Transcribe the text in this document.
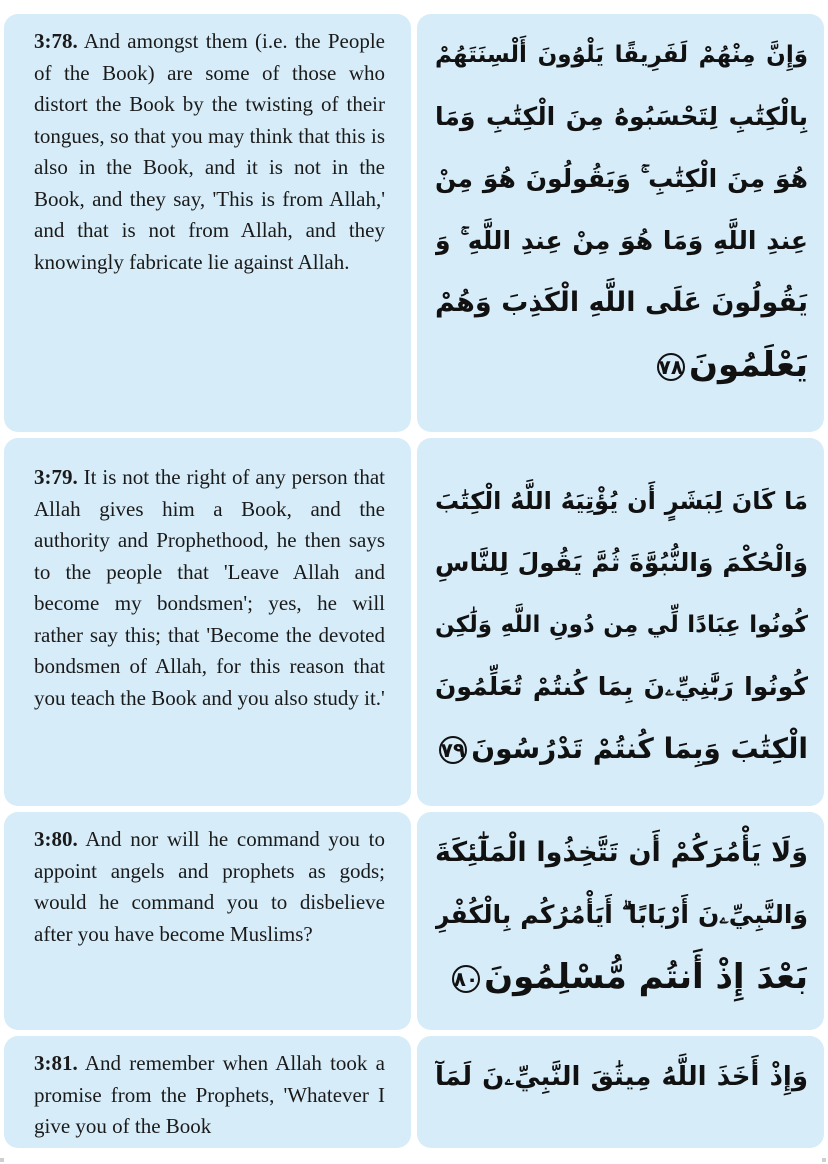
3:78. And amongst them (i.e. the People of the Book) are some of those who distort the Book by the twisting of their tongues, so that you may think that this is also in the Book, and it is not in the Book, and they say, 'This is from Allah,' and that is not from Allah, and they knowingly fabricate lie against Allah.

وَإِنَّ مِنْهُمْ لَفَرِيقًا يَلْوُونَ أَلْسِنَتَهُمْ
بِالْكِتَٰبِ لِتَحْسَبُوهُ مِنَ الْكِتَٰبِ وَمَا
هُوَ مِنَ الْكِتَٰبِ ۚ وَيَقُولُونَ هُوَ مِنْ
عِندِ اللَّهِ وَمَا هُوَ مِنْ عِندِ اللَّهِ ۚ وَ
يَقُولُونَ عَلَى اللَّهِ الْكَذِبَ وَهُمْ
يَعْلَمُونَ٧٨

3:79. It is not the right of any person that Allah gives him a Book, and the authority and Prophethood, he then says to the people that 'Leave Allah and become my bondsmen'; yes, he will rather say this; that 'Become the devoted bondsmen of Allah, for this reason that you teach the Book and you also study it.'

مَا كَانَ لِبَشَرٍ أَن يُؤْتِيَهُ اللَّهُ الْكِتَٰبَ
وَالْحُكْمَ وَالنُّبُوَّةَ ثُمَّ يَقُولَ لِلنَّاسِ
كُونُوا عِبَادًا لِّي مِن دُونِ اللَّهِ وَلَٰكِن
كُونُوا رَبَّٰنِيِّۦنَ بِمَا كُنتُمْ تُعَلِّمُونَ
الْكِتَٰبَ وَبِمَا كُنتُمْ تَدْرُسُونَ٧٩

3:80. And nor will he command you to appoint angels and prophets as gods; would he command you to disbelieve after you have become Muslims?

وَلَا يَأْمُرَكُمْ أَن تَتَّخِذُوا الْمَلَٰٓئِكَةَ
وَالنَّبِيِّۦنَ أَرْبَابًا ۗ أَيَأْمُرُكُم بِالْكُفْرِ
بَعْدَ إِذْ أَنتُم مُّسْلِمُونَ٨٠

3:81. And remember when Allah took a promise from the Prophets, 'Whatever I give you of the Book

وَإِذْ أَخَذَ اللَّهُ مِيثَٰقَ النَّبِيِّۦنَ لَمَآ
